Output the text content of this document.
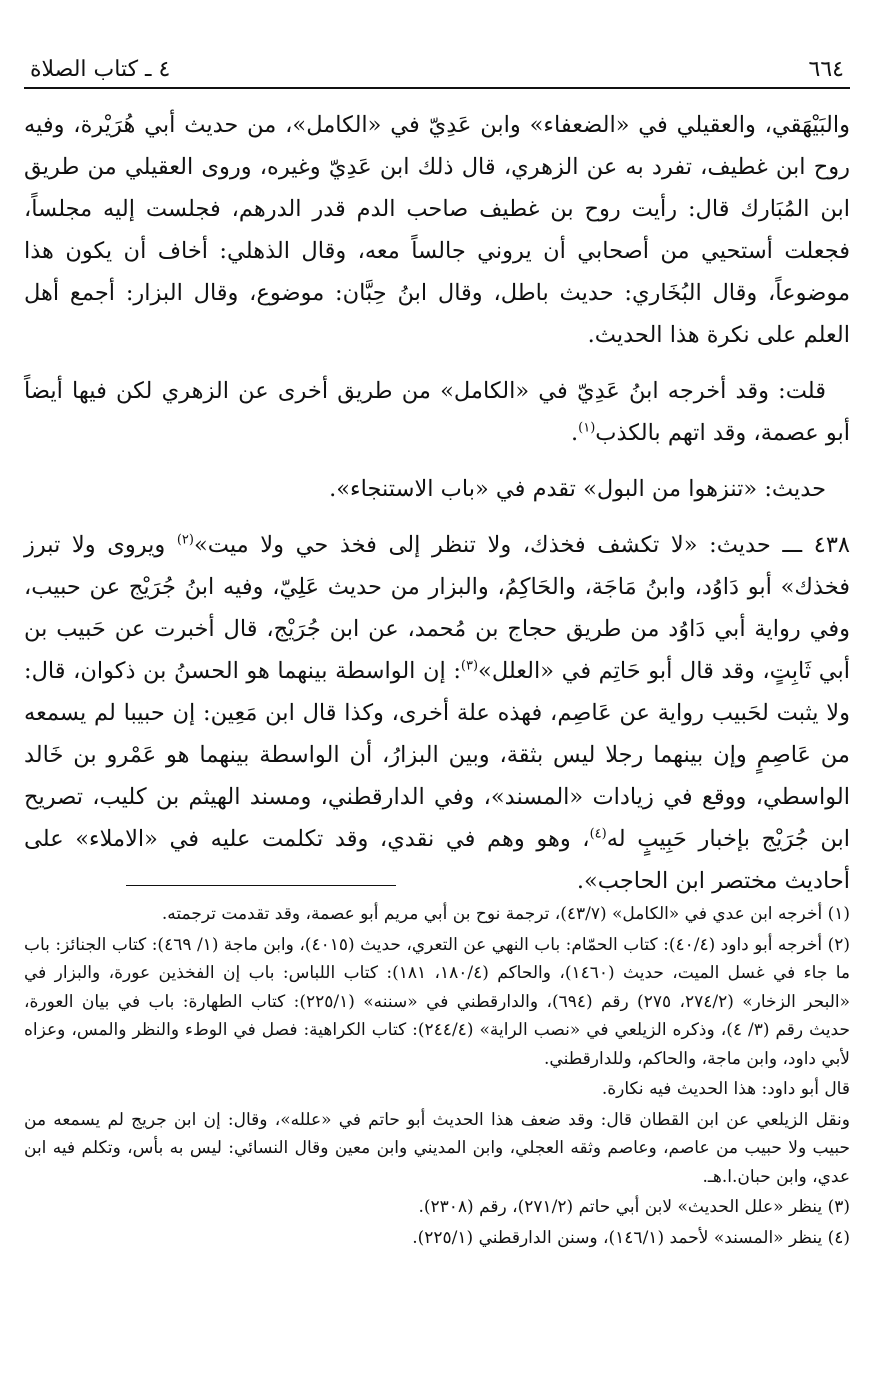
٦٦٤
٤ ـ كتاب الصلاة

والبَيْهَقي، والعقيلي في «الضعفاء» وابن عَدِيّ في «الكامل»، من حديث أبي هُرَيْرة، وفيه روح ابن غطيف، تفرد به عن الزهري، قال ذلك ابن عَدِيّ وغيره، وروى العقيلي من طريق ابن المُبَارك قال: رأيت روح بن غطيف صاحب الدم قدر الدرهم، فجلست إليه مجلساً، فجعلت أستحيي من أصحابي أن يروني جالساً معه، وقال الذهلي: أخاف أن يكون هذا موضوعاً، وقال البُخَاري: حديث باطل، وقال ابنُ حِبَّان: موضوع، وقال البزار: أجمع أهل العلم على نكرة هذا الحديث.

قلت: وقد أخرجه ابنُ عَدِيّ في «الكامل» من طريق أخرى عن الزهري لكن فيها أيضاً أبو عصمة، وقد اتهم بالكذب$^{(١)}$.

حديث: «تنزهوا من البول» تقدم في «باب الاستنجاء».

٤٣٨ ـــ حديث: «لا تكشف فخذك، ولا تنظر إلى فخذ حي ولا ميت»$^{(٢)}$ ويروى ولا تبرز فخذك» أبو دَاوُد، وابنُ مَاجَة، والحَاكِمُ، والبزار من حديث عَلِيّ، وفيه ابنُ جُرَيْج عن حبيب، وفي رواية أبي دَاوُد من طريق حجاج بن مُحمد، عن ابن جُرَيْج، قال أخبرت عن حَبيب بن أبي ثَابِتٍ، وقد قال أبو حَاتِم في «العلل»$^{(٣)}$: إن الواسطة بينهما هو الحسنُ بن ذكوان، قال: ولا يثبت لحَبيب رواية عن عَاصِم، فهذه علة أخرى، وكذا قال ابن مَعِين: إن حبيبا لم يسمعه من عَاصِمٍ وإن بينهما رجلا ليس بثقة، وبين البزارُ، أن الواسطة بينهما هو عَمْرو بن خَالد الواسطي، ووقع في زيادات «المسند»، وفي الدارقطني، ومسند الهيثم بن كليب، تصريح ابن جُرَيْج بإخبار حَبِيبٍ له$^{(٤)}$، وهو وهم في نقدي، وقد تكلمت عليه في «الاملاء» على أحاديث مختصر ابن الحاجب».

(١) أخرجه ابن عدي في «الكامل» (٤٣/٧)، ترجمة نوح بن أبي مريم أبو عصمة، وقد تقدمت ترجمته.

(٢) أخرجه أبو داود (٤٠/٤): كتاب الحمّام: باب النهي عن التعري، حديث (٤٠١٥)، وابن ماجة (١/ ٤٦٩): كتاب الجنائز: باب ما جاء في غسل الميت، حديث (١٤٦٠)، والحاكم (١٨٠/٤، ١٨١): كتاب اللباس: باب إن الفخذين عورة، والبزار في «البحر الزخار» (٢٧٤/٢، ٢٧٥) رقم (٦٩٤)، والدارقطني في «سننه» (٢٢٥/١): كتاب الطهارة: باب في بيان العورة، حديث رقم (٣/ ٤)، وذكره الزيلعي في «نصب الراية» (٢٤٤/٤): كتاب الكراهية: فصل في الوطء والنظر والمس، وعزاه لأبي داود، وابن ماجة، والحاكم، وللدارقطني.

قال أبو داود: هذا الحديث فيه نكارة.

ونقل الزيلعي عن ابن القطان قال: وقد ضعف هذا الحديث أبو حاتم في «علله»، وقال: إن ابن جريج لم يسمعه من حبيب ولا حبيب من عاصم، وعاصم وثقه العجلي، وابن المديني وابن معين وقال النسائي: ليس به بأس، وتكلم فيه ابن عدي، وابن حبان.ا.هـ.

(٣) ينظر «علل الحديث» لابن أبي حاتم (٢٧١/٢)، رقم (٢٣٠٨).

(٤) ينظر «المسند» لأحمد (١٤٦/١)، وسنن الدارقطني (٢٢٥/١).
